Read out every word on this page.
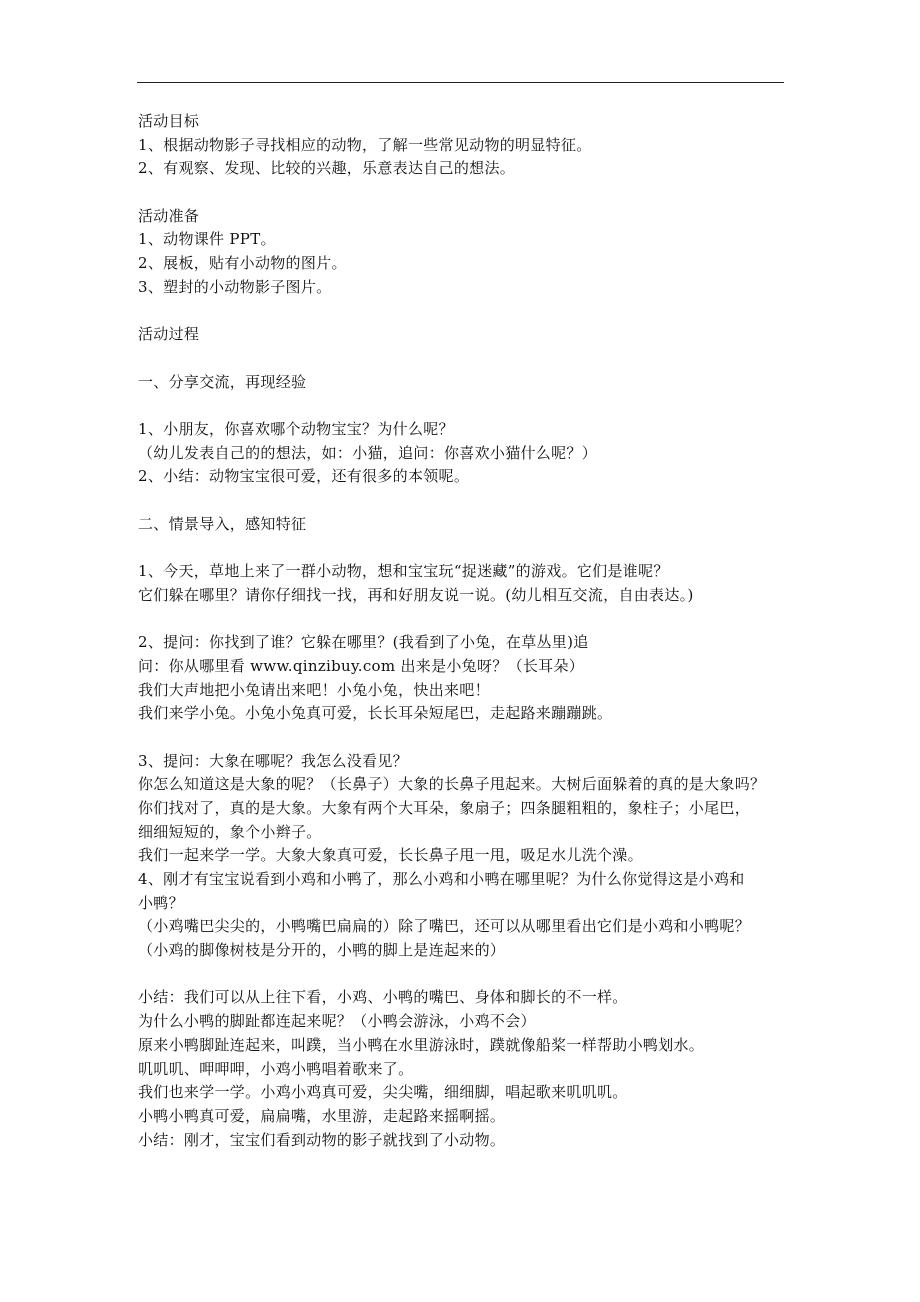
活动目标
1、根据动物影子寻找相应的动物，了解一些常见动物的明显特征。
2、有观察、发现、比较的兴趣，乐意表达自己的想法。
活动准备
1、动物课件 PPT。
2、展板，贴有小动物的图片。
3、塑封的小动物影子图片。
活动过程
一、分享交流，再现经验
1、小朋友，你喜欢哪个动物宝宝？为什么呢？
（幼儿发表自己的的想法，如：小猫，追问：你喜欢小猫什么呢？）
2、小结：动物宝宝很可爱，还有很多的本领呢。
二、情景导入，感知特征
1、今天，草地上来了一群小动物，想和宝宝玩“捉迷藏”的游戏。它们是谁呢？
它们躲在哪里？请你仔细找一找，再和好朋友说一说。(幼儿相互交流，自由表达。)
2、提问：你找到了谁？它躲在哪里？(我看到了小兔，在草丛里)追
问：你从哪里看 www.qinzibuy.com 出来是小兔呀？（长耳朵）
我们大声地把小兔请出来吧！小兔小兔，快出来吧！
我们来学小兔。小兔小兔真可爱，长长耳朵短尾巴，走起路来蹦蹦跳。
3、提问：大象在哪呢？我怎么没看见？
你怎么知道这是大象的呢？（长鼻子）大象的长鼻子甩起来。大树后面躲着的真的是大象吗？
你们找对了，真的是大象。大象有两个大耳朵，象扇子；四条腿粗粗的，象柱子；小尾巴，
细细短短的，象个小辫子。
我们一起来学一学。大象大象真可爱，长长鼻子甩一甩，吸足水儿洗个澡。
4、刚才有宝宝说看到小鸡和小鸭了，那么小鸡和小鸭在哪里呢？为什么你觉得这是小鸡和
小鸭？
（小鸡嘴巴尖尖的，小鸭嘴巴扁扁的）除了嘴巴，还可以从哪里看出它们是小鸡和小鸭呢？
（小鸡的脚像树枝是分开的，小鸭的脚上是连起来的）
小结：我们可以从上往下看，小鸡、小鸭的嘴巴、身体和脚长的不一样。
为什么小鸭的脚趾都连起来呢？（小鸭会游泳，小鸡不会）
原来小鸭脚趾连起来，叫蹼，当小鸭在水里游泳时，蹼就像船桨一样帮助小鸭划水。
叽叽叽、呷呷呷，小鸡小鸭唱着歌来了。
我们也来学一学。小鸡小鸡真可爱，尖尖嘴，细细脚，唱起歌来叽叽叽。
小鸭小鸭真可爱，扁扁嘴，水里游，走起路来摇啊摇。
小结：刚才，宝宝们看到动物的影子就找到了小动物。
